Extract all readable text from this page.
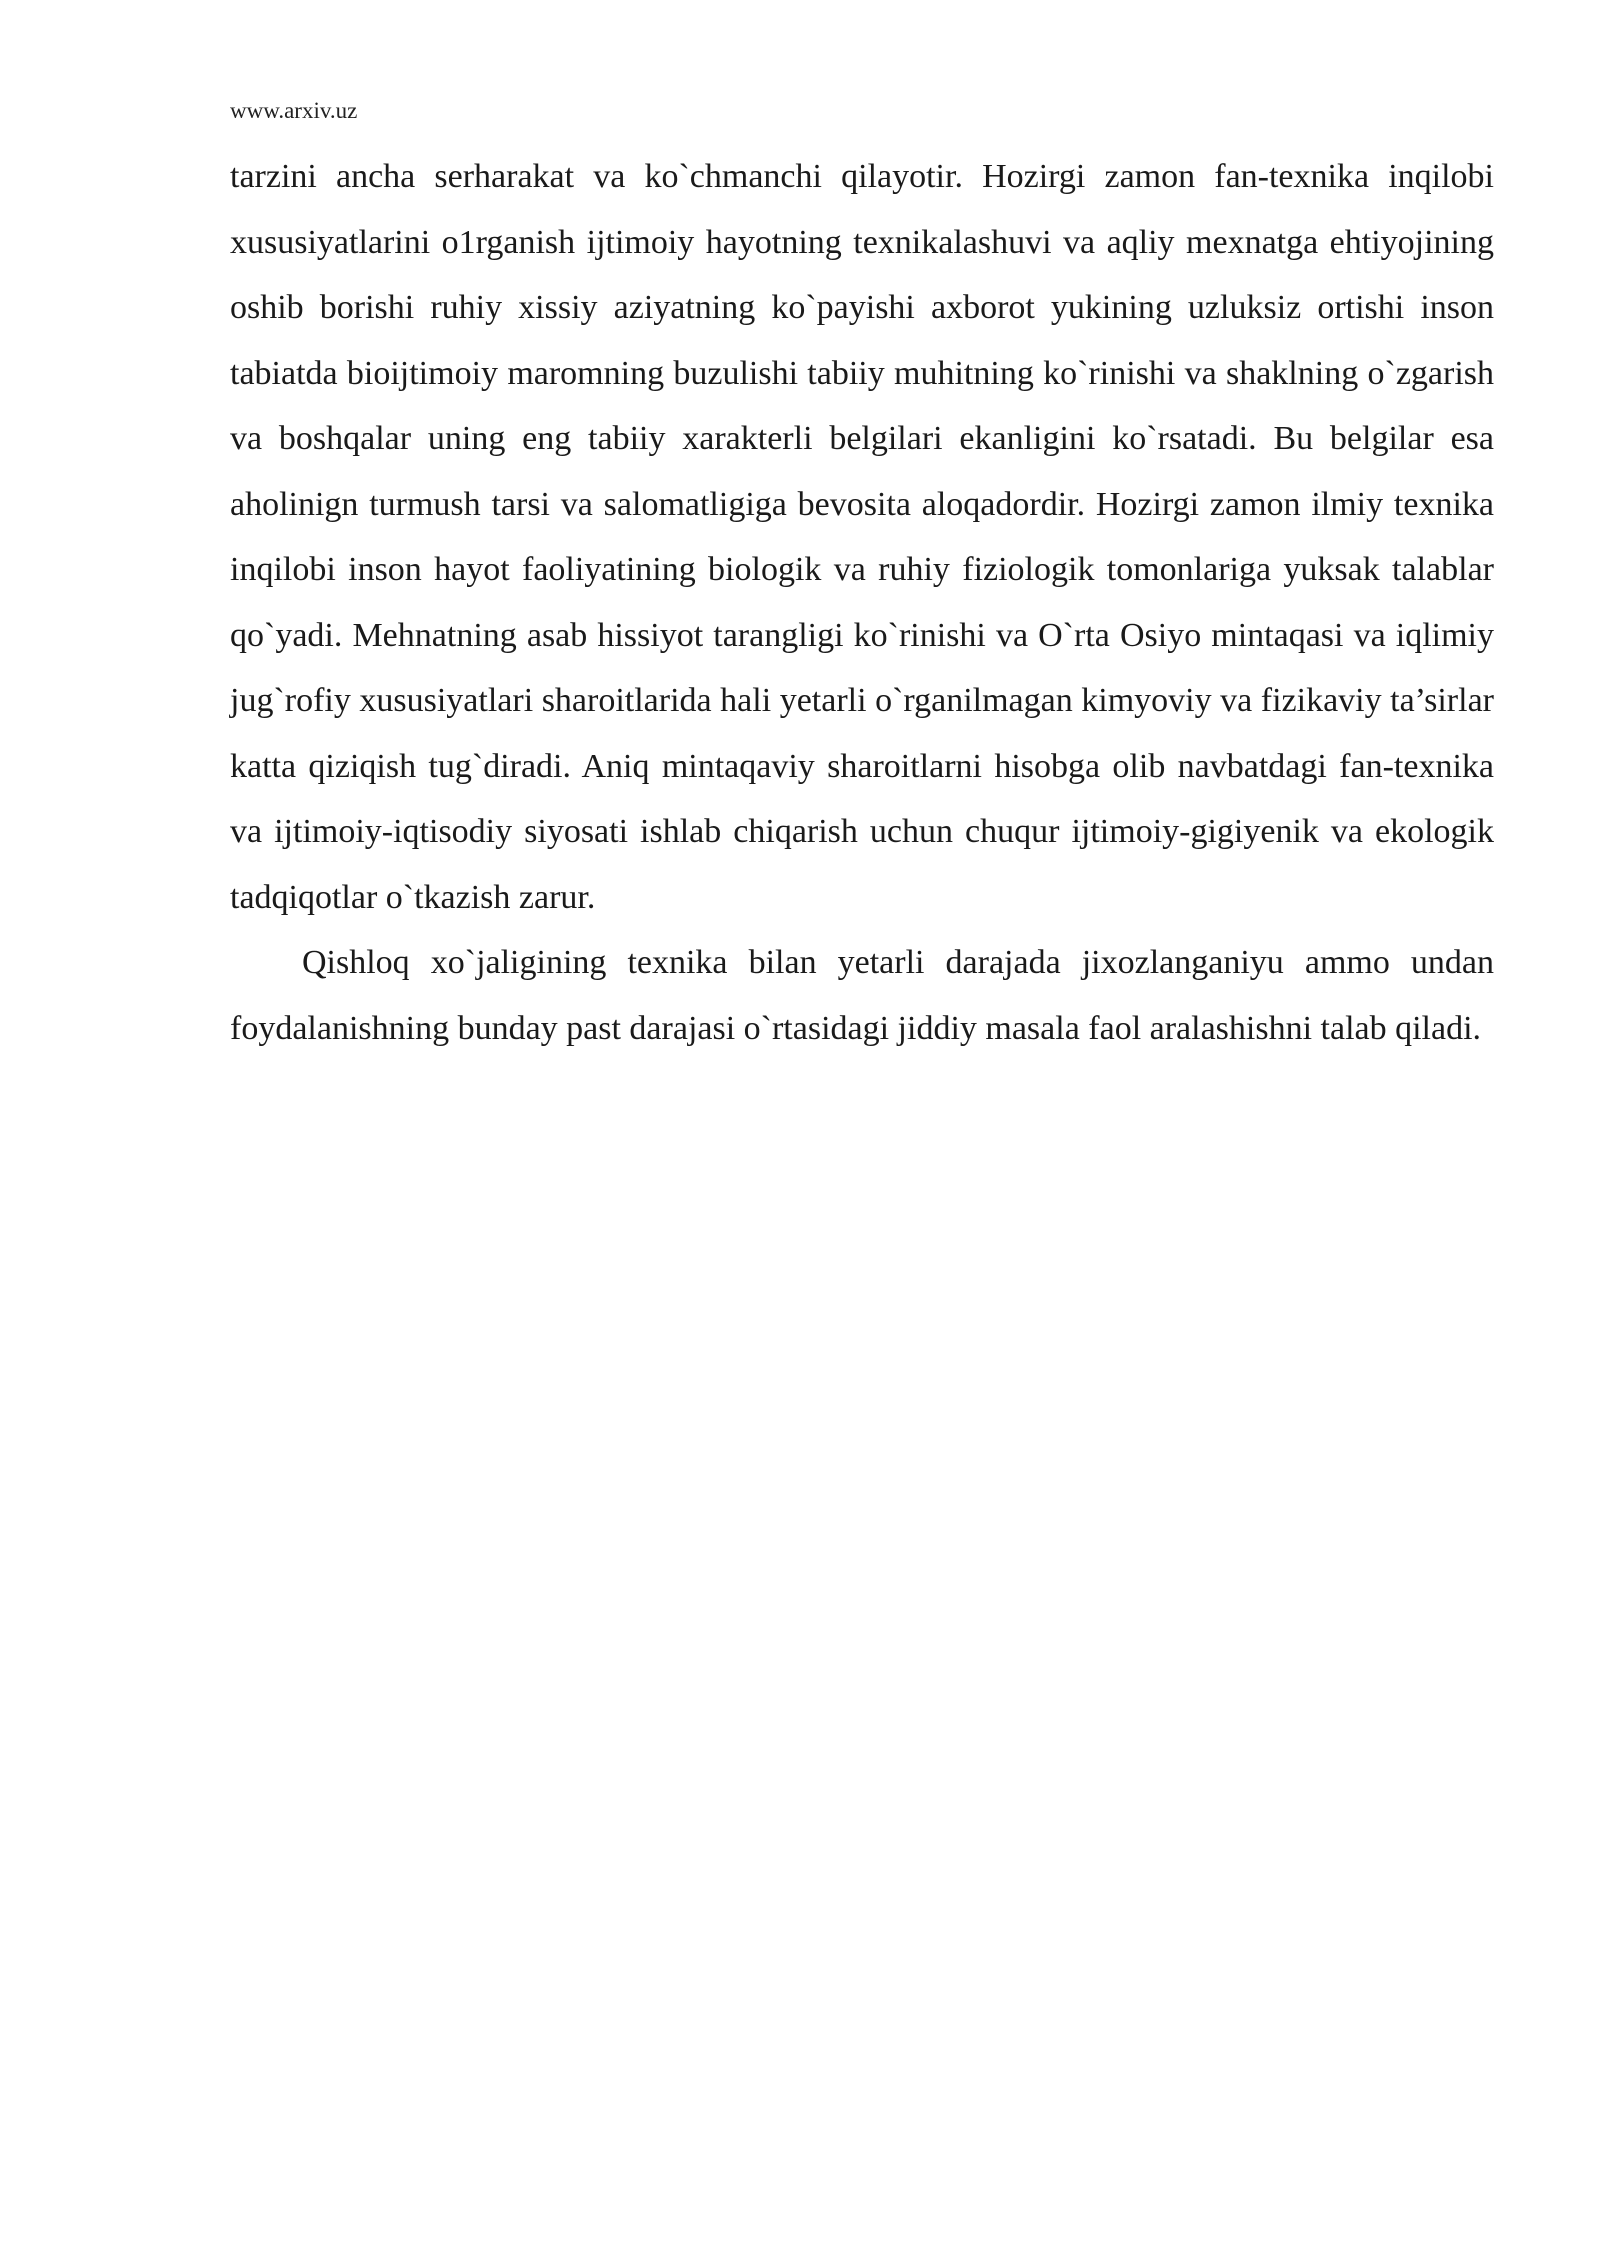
www.arxiv.uz

tarzini ancha serharakat va ko`chmanchi qilayotir. Hozirgi zamon fan-texnika inqilobi xususiyatlarini o1rganish ijtimoiy hayotning texnikalashuvi va aqliy mexnatga ehtiyojining oshib borishi ruhiy xissiy aziyatning ko`payishi axborot yukining uzluksiz ortishi inson tabiatda bioijtimoiy maromning buzulishi tabiiy muhitning ko`rinishi va shaklning o`zgarish va boshqalar uning eng tabiiy xarakterli belgilari ekanligini ko`rsatadi. Bu belgilar esa aholinign turmush tarsi va salomatligiga bevosita aloqadordir. Hozirgi zamon ilmiy texnika inqilobi inson hayot faoliyatining biologik va ruhiy fiziologik tomonlariga yuksak talablar qo`yadi. Mehnatning asab hissiyot tarangligi ko`rinishi va O`rta Osiyo mintaqasi va iqlimiy jug`rofiy xususiyatlari sharoitlarida hali yetarli o`rganilmagan kimyoviy va fizikaviy ta’sirlar katta qiziqish tug`diradi. Aniq mintaqaviy sharoitlarni hisobga olib navbatdagi fan-texnika va ijtimoiy-iqtisodiy siyosati ishlab chiqarish uchun chuqur ijtimoiy-gigiyenik va ekologik tadqiqotlar o`tkazish zarur.

Qishloq xo`jaligining texnika bilan yetarli darajada jixozlanganiyu ammo undan foydalanishning bunday past darajasi o`rtasidagi jiddiy masala faol aralashishni talab qiladi.
